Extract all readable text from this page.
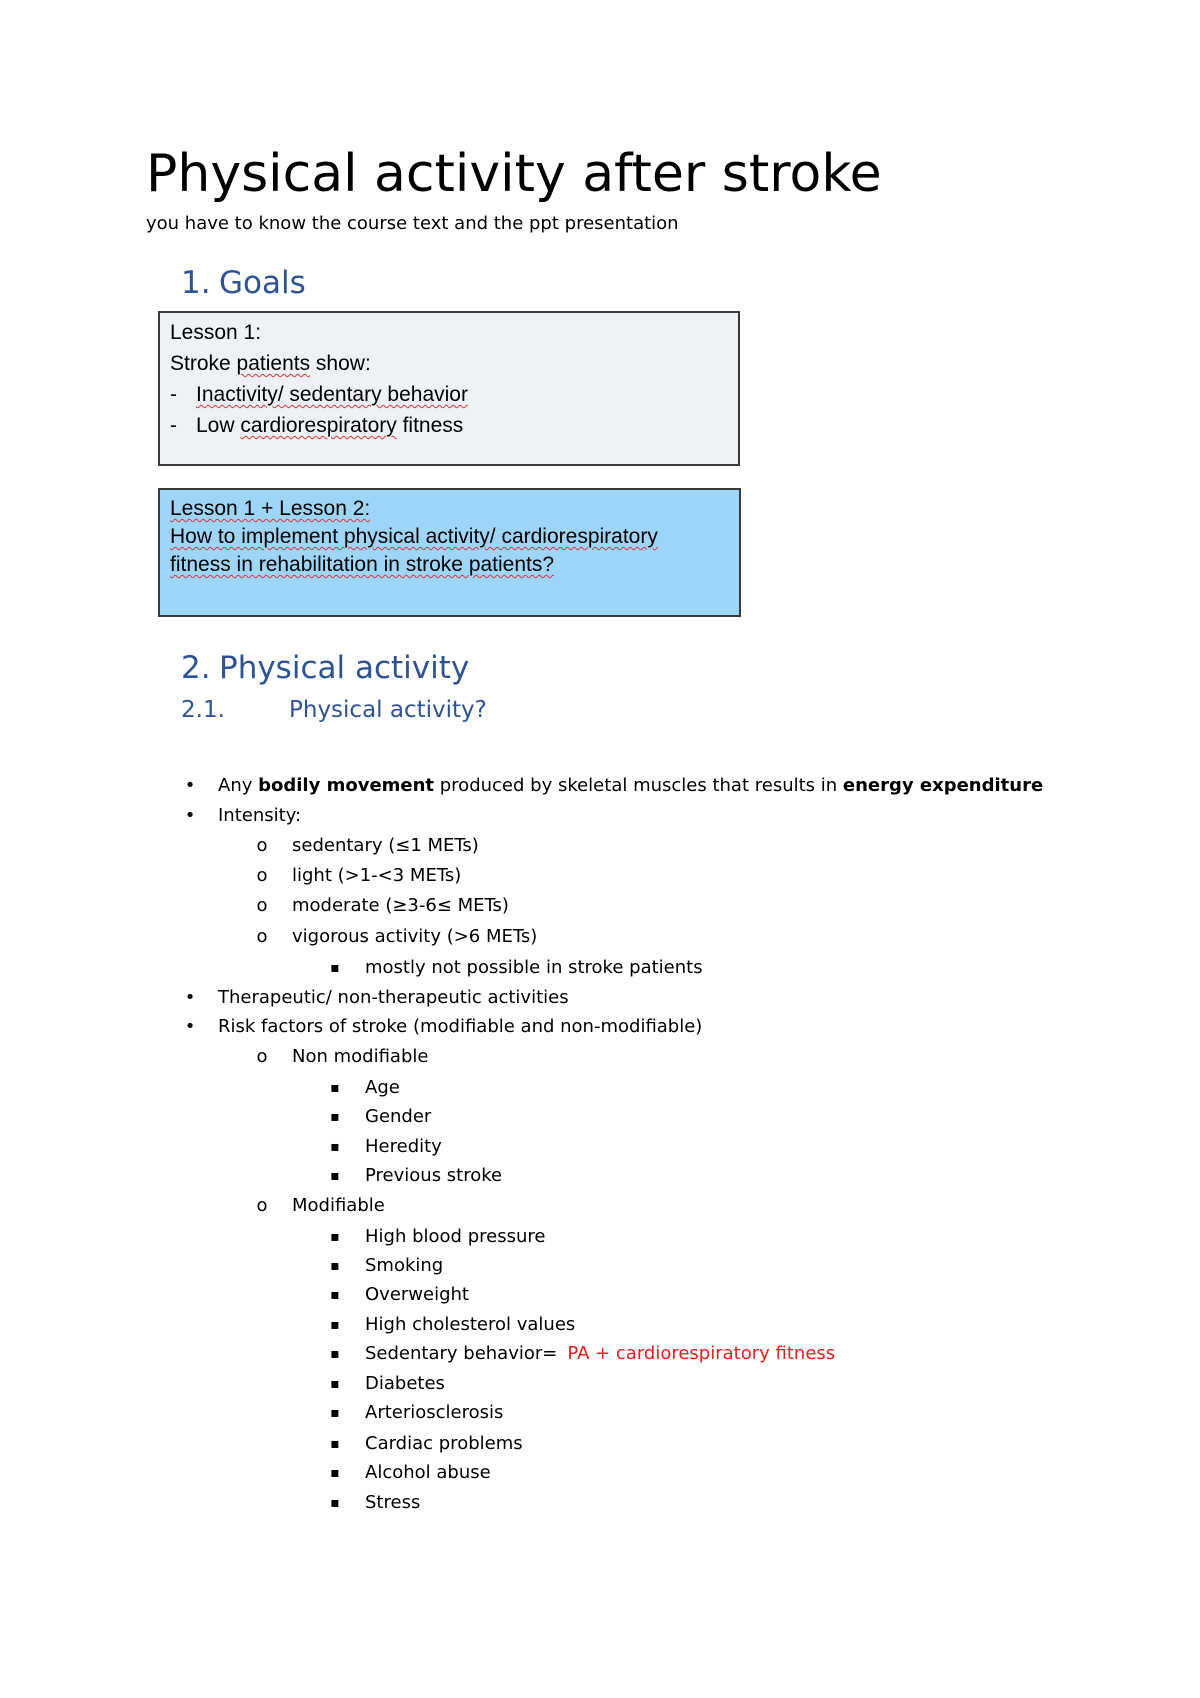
Physical activity after stroke
you have to know the course text and the ppt presentation
1. Goals
Lesson 1:
Stroke patients show:
- Inactivity/ sedentary behavior
- Low cardiorespiratory fitness
Lesson 1 + Lesson 2:
How to implement physical activity/ cardiorespiratory
fitness in rehabilitation in stroke patients?
2. Physical activity
2.1.	Physical activity?
• Any bodily movement produced by skeletal muscles that results in energy expenditure
• Intensity:
o sedentary (≤1 METs)
o light (>1-<3 METs)
o moderate (≥3-6≤ METs)
o vigorous activity (>6 METs)
▪ mostly not possible in stroke patients
• Therapeutic/ non-therapeutic activities
• Risk factors of stroke (modifiable and non-modifiable)
o Non modifiable
▪ Age
▪ Gender
▪ Heredity
▪ Previous stroke
o Modifiable
▪ High blood pressure
▪ Smoking
▪ Overweight
▪ High cholesterol values
▪ Sedentary behavior= PA + cardiorespiratory fitness
▪ Diabetes
▪ Arteriosclerosis
▪ Cardiac problems
▪ Alcohol abuse
▪ Stress
